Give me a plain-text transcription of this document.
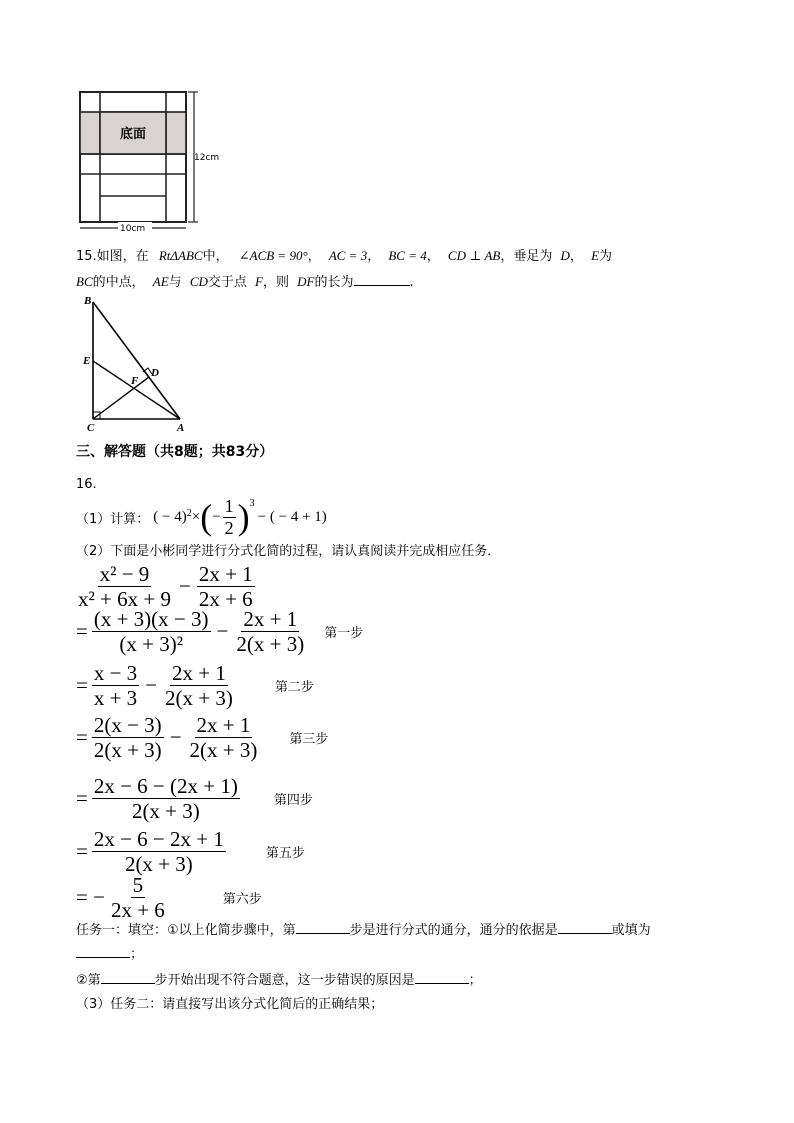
底面
12cm
10cm
15.如图，在 RtΔABC中， ∠ACB = 90°， AC = 3， BC = 4， CD ⊥ AB，垂足为 D， E为
BC的中点， AE与 CD交于点 F，则 DF的长为	.
B
E
F
D
C	A
三、解答题（共8题；共83分）
16.
（1）计算： ( − 4)$^2$ × ( − $\frac{1}{2} )^3$
− ( − 4 + 1)
（2）下面是小彬同学进行分式化简的过程，请认真阅读并完成相应任务．
$\frac{\text{x² − 9}}{\text{x² + 6x + 9}} - \frac{2x + 1}{2x + 6}$
= $\frac{(x + 3)(x - 3)}{\text{(x + 3)²}} - \frac{2x + 1}{2(x + 3)}$ 第一步
= $\frac{x - 3}{x + 3} - \frac{2x + 1}{2(x + 3)}$	第二步
= $\frac{2(x - 3)}{2(x + 3)} - \frac{2x + 1}{2(x + 3)}$ 第三步
= $\frac{2x - 6 - (2x + 1)}{2(x + 3)}$	第四步
= $\frac{2x - 6 - 2x + 1}{2(x + 3)}$	第五步
= − $\frac{5}{2x + 6}$	第六步
任务一：填空：①以上化简步骤中，第	步是进行分式的通分，通分的依据是	或填为
；
②第	步开始出现不符合题意，这一步错误的原因是	；
（3）任务二：请直接写出该分式化简后的正确结果；
